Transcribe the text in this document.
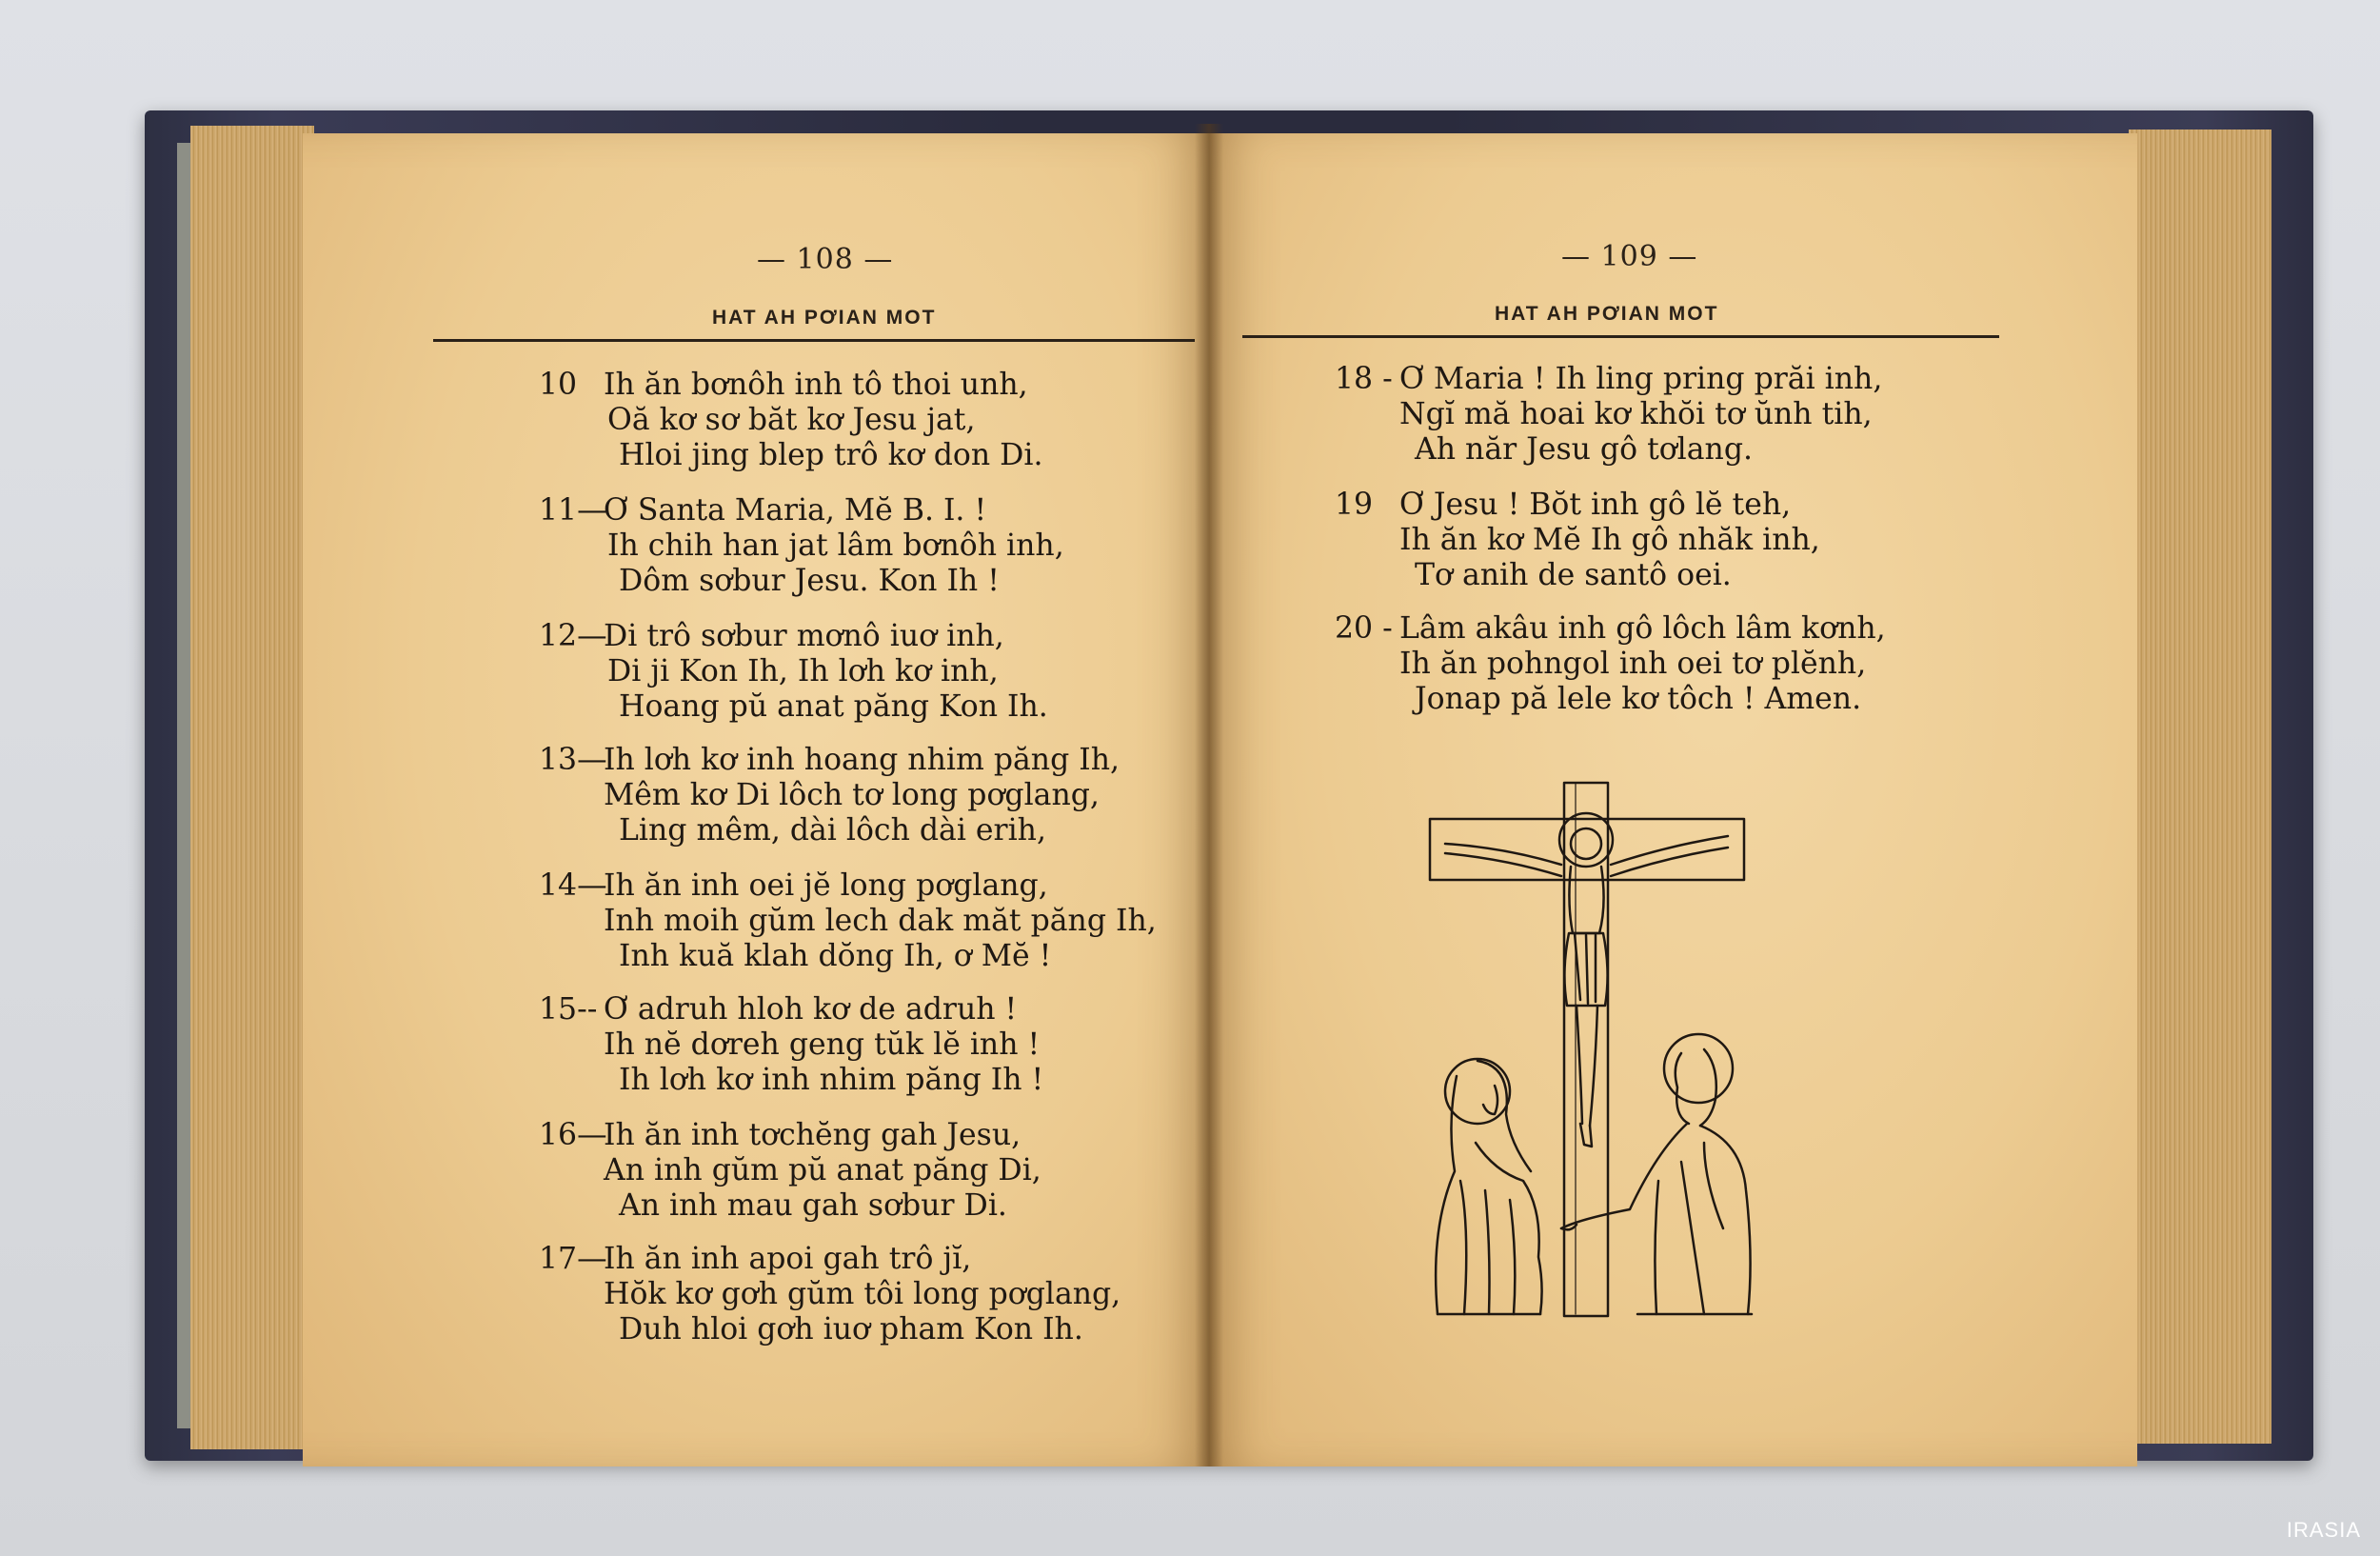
— 108 —
HAT AH PƠIAN MOT
— 109 —
HAT AH PƠIAN MOT
10 Ih ăn bơnôh inh tô thoi unh,
Oă kơ sơ băt kơ Jesu jat,
Hloi jing blep trô kơ don Di.
11—
Ơ Santa Maria, Mĕ B. I. !
Ih chih han jat lâm bơnôh inh,
Dôm sơbur Jesu. Kon Ih !
12—
Di trô sơbur mơnô iuơ inh,
Di ji Kon Ih, Ih lơh kơ inh,
Hoang pŭ anat păng Kon Ih.
13—
Ih lơh kơ inh hoang nhim păng Ih,
Mêm kơ Di lôch tơ long pơglang,
Ling mêm, dài lôch dài erih,
14—
Ih ăn inh oei jĕ long pơglang,
Inh moih gŭm lech dak măt păng Ih,
Inh kuă klah dŏng Ih, ơ Mĕ !
15-- Ơ adruh hloh kơ de adruh !
Ih nĕ dơreh geng tŭk lĕ inh !
Ih lơh kơ inh nhim păng Ih !
16—
Ih ăn inh tơchĕng gah Jesu,
An inh gŭm pŭ anat păng Di,
An inh mau gah sơbur Di.
17—
Ih ăn inh apoi gah trô jĭ,
Hŏk kơ gơh gŭm tôi long pơglang,
Duh hloi gơh iuơ pham Kon Ih.
18 - Ơ Maria ! Ih ling pring prăi inh,
Ngĭ mă hoai kơ khŏi tơ ŭnh tih,
Ah năr Jesu gô tơlang.
19 Ơ Jesu ! Bŏt inh gô lĕ teh,
Ih ăn kơ Mĕ Ih gô nhăk inh,
Tơ anih de santô oei.
20 - Lâm akâu inh gô lôch lâm kơnh,
Ih ăn pohngol inh oei tơ plĕnh,
Jonap pă lele kơ tôch ! Amen.
IRASIA
